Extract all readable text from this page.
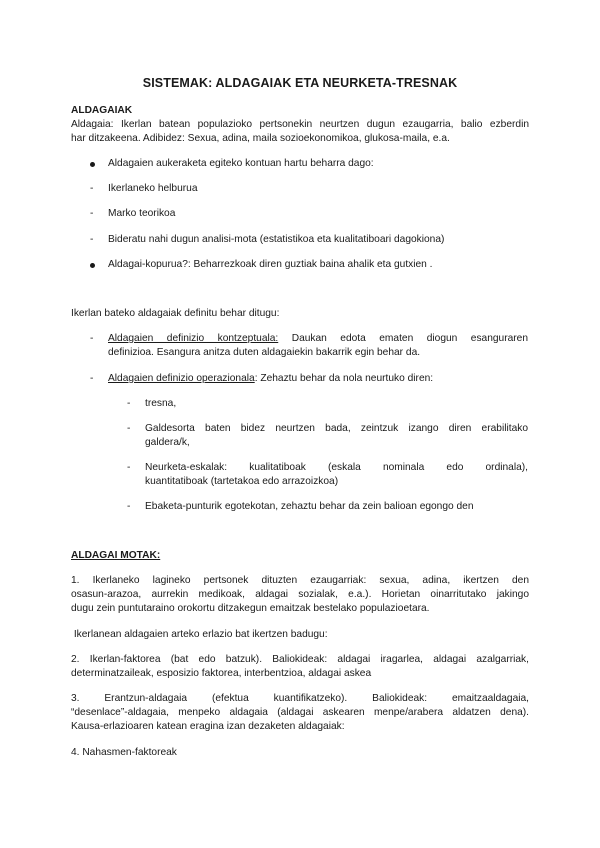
SISTEMAK: ALDAGAIAK ETA NEURKETA-TRESNAK
ALDAGAIAK
Aldagaia: Ikerlan batean populazioko pertsonekin neurtzen dugun ezaugarria, balio ezberdin
har ditzakeena. Adibidez: Sexua, adina, maila sozioekonomikoa, glukosa-maila, e.a.
Aldagaien aukeraketa egiteko kontuan hartu beharra dago:
- Ikerlaneko helburua
- Marko teorikoa
- Bideratu nahi dugun analisi-mota (estatistikoa eta kualitatiboari dagokiona)
Aldagai-kopurua?: Beharrezkoak diren guztiak baina ahalik eta gutxien .
Ikerlan bateko aldagaiak definitu behar ditugu:
- Aldagaien definizio kontzeptuala: Daukan edota ematen diogun esanguraren
definizioa. Esangura anitza duten aldagaiekin bakarrik egin behar da.
- Aldagaien definizio operazionala: Zehaztu behar da nola neurtuko diren:
- tresna,
- Galdesorta baten bidez neurtzen bada, zeintzuk izango diren erabilitako
galdera/k,
- Neurketa-eskalak: kualitatiboak (eskala nominala edo ordinala),
kuantitatiboak (tartetakoa edo arrazoizkoa)
- Ebaketa-punturik egotekotan, zehaztu behar da zein balioan egongo den
ALDAGAI MOTAK:
1. Ikerlaneko lagineko pertsonek dituzten ezaugarriak: sexua, adina, ikertzen den
osasun-arazoa, aurrekin medikoak, aldagai sozialak, e.a.). Horietan oinarritutako jakingo
dugu zein puntutaraino orokortu ditzakegun emaitzak bestelako populazioetara.
Ikerlanean aldagaien arteko erlazio bat ikertzen badugu:
2. Ikerlan-faktorea (bat edo batzuk). Baliokideak: aldagai iragarlea, aldagai azalgarriak,
determinatzaileak, esposizio faktorea, interbentzioa, aldagai askea
3. Erantzun-aldagaia (efektua kuantifikatzeko). Baliokideak: emaitzaaldagaia,
“desenlace”-aldagaia, menpeko aldagaia (aldagai askearen menpe/arabera aldatzen dena).
Kausa-erlazioaren katean eragina izan dezaketen aldagaiak:
4. Nahasmen-faktoreak
